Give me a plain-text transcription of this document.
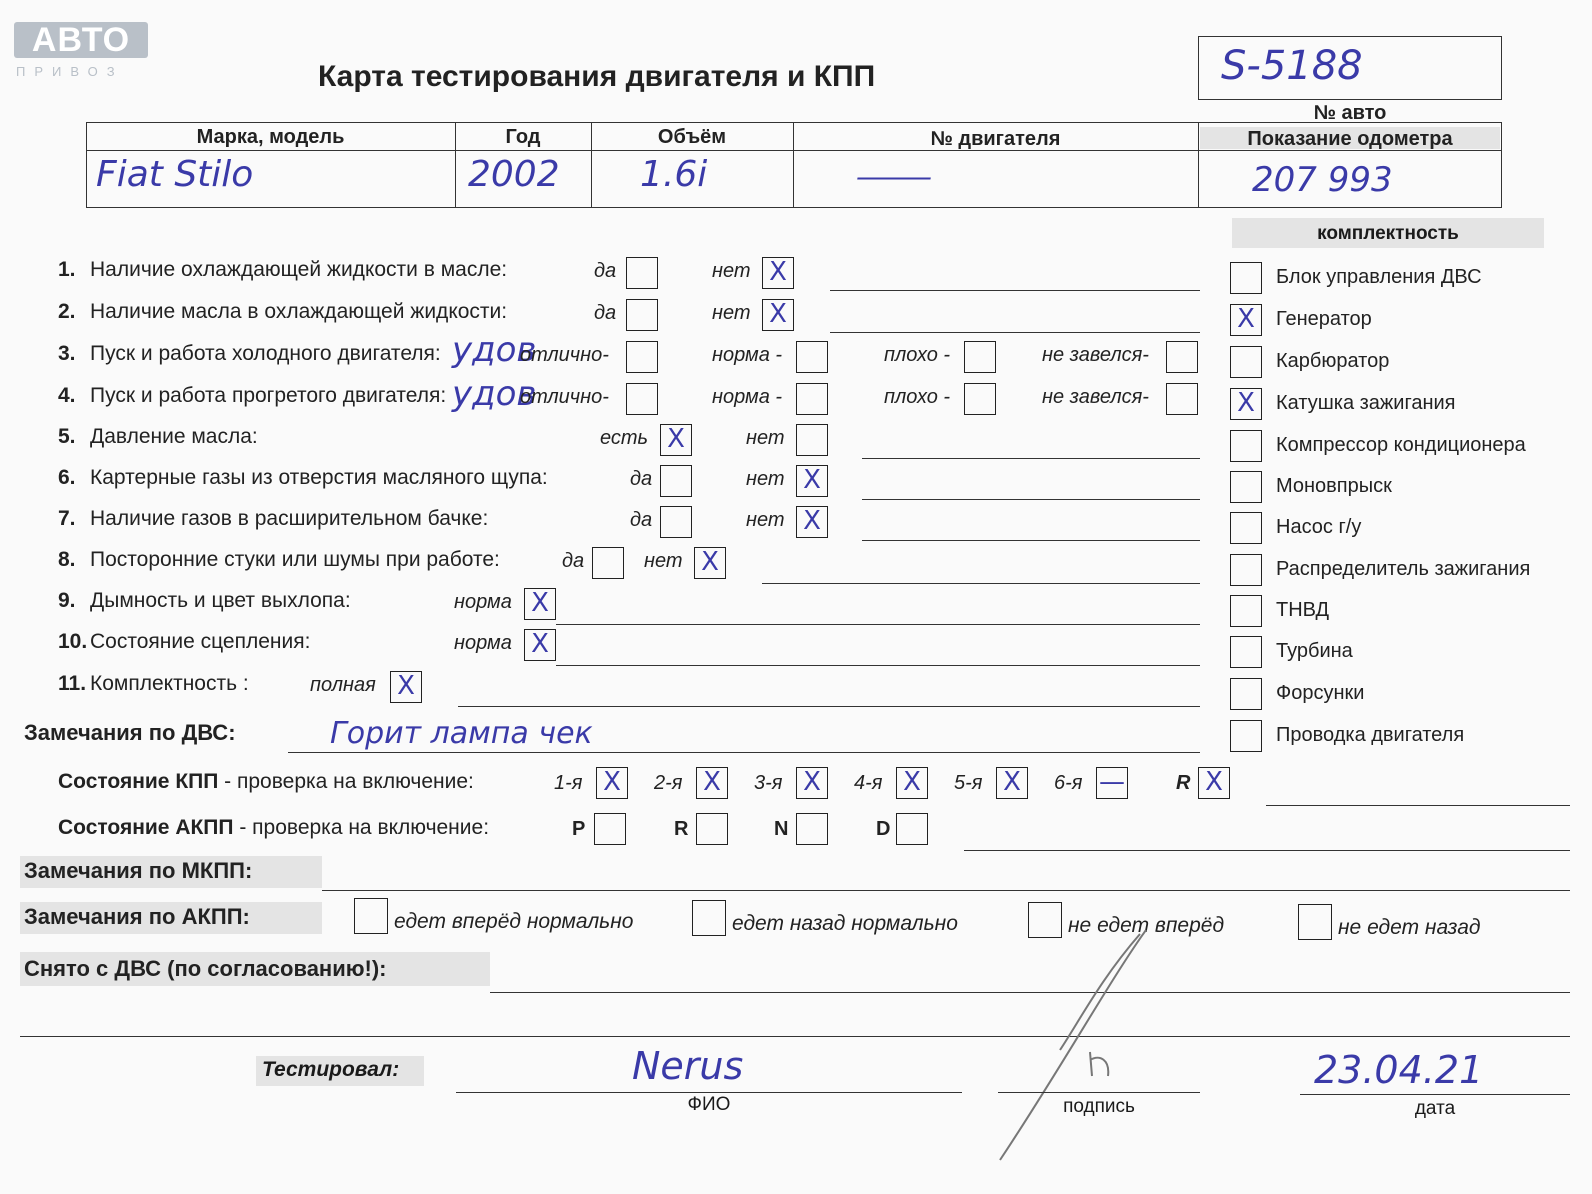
АВТО
ПРИВОЗ	Карта тестирования двигателя и КПП	S-5188
№ авто
Марка, модель	Год	Объём	№ двигателя	Показание одометра
Fiat Stilo	2002 1.6i	———	207 993
1. Наличие охлаждающей жидкости в масле:	да	нет X
2. Наличие масла в охлаждающей жидкости:	да	нет X
3. Пуск и работа холодного двигателя: удов
отлично-	норма -	плохо -	не завелся-
4. Пуск и работа прогретого двигателя: удов
отлично-	норма -	плохо -	не завелся-
5. Давление масла:	есть X	нет
6. Картерные газы из отверстия масляного щупа:	да	нет X
7. Наличие газов в расширительном бачке:	да	нет X
8. Посторонние стуки или шумы при работе:	да	нет X
9. Дымность и цвет выхлопа:	норма X
10. Состояние сцепления:	норма X
11. Комплектность :	полная X
комплектность
Блок управления ДВС
X	Генератор
Карбюратор
X	Катушка зажигания
Компрессор кондиционера
Моновпрыск
Насос г/у
Распределитель зажигания
ТНВД
Турбина
Форсунки
Проводка двигателя
Замечания по ДВС:	Горит лампа чек
Состояние КПП - проверка на включение:	1-я X	2-я X	3-я X	4-я X	5-я X	6-я —	R X
Состояние АКПП - проверка на включение:	P	R	N	D
Замечания по МКПП:
Замечания по АКПП:	едет вперёд нормально	едет назад нормально	не едет вперёд	не едет назад
Снято с ДВС (по согласованию!):
Тестировал:	Nerus
ФИО	подпись
23.04.21
дата
